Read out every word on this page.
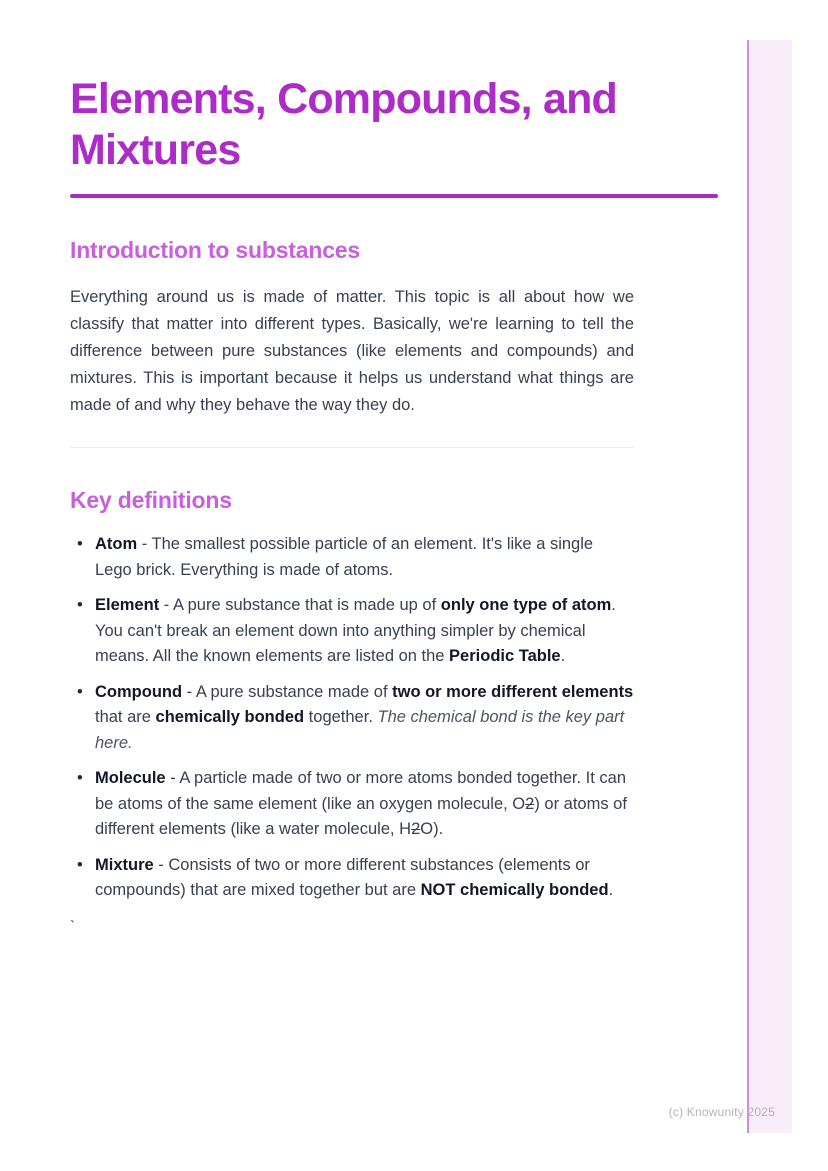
Elements, Compounds, and Mixtures
Introduction to substances

Everything around us is made of matter. This topic is all about how we classify that matter into different types. Basically, we're learning to tell the difference between pure substances (like elements and compounds) and mixtures. This is important because it helps us understand what things are made of and why they behave the way they do.

Key definitions
• Atom - The smallest possible particle of an element. It's like a single Lego brick. Everything is made of atoms.
• Element - A pure substance that is made up of only one type of atom. You can't break an element down into anything simpler by chemical means. All the known elements are listed on the Periodic Table.
• Compound - A pure substance made of two or more different elements that are chemically bonded together. The chemical bond is the key part here.
• Molecule - A particle made of two or more atoms bonded together. It can be atoms of the same element (like an oxygen molecule, O2) or atoms of different elements (like a water molecule, H2O).
• Mixture - Consists of two or more different substances (elements or compounds) that are mixed together but are NOT chemically bonded.

`

(c) Knowunity 2025
